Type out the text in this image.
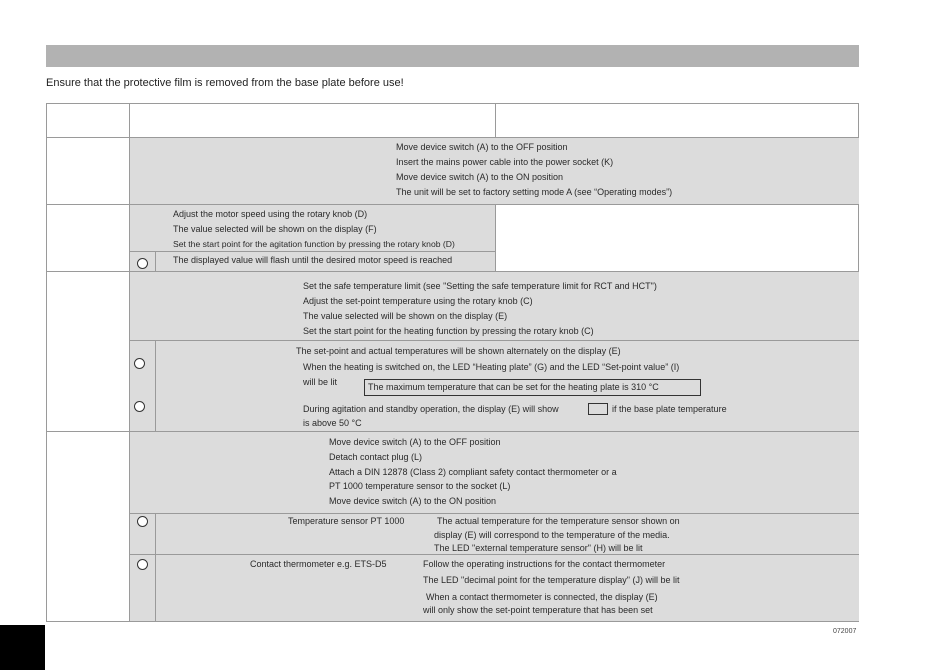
Ensure that the protective film is removed from the base plate before use!
Move device switch (A) to the OFF position
Insert the mains power cable into the power socket (K)
Move device switch (A) to the ON position
The unit will be set to factory setting mode A (see “Operating modes”)
Adjust the motor speed using the rotary knob (D)
The value selected will be shown on the display (F)
Set the start point for the agitation function by pressing the rotary knob (D)
The displayed value will flash until the desired motor speed is reached
Set the safe temperature limit (see "Setting the safe temperature limit for RCT and HCT")
Adjust the set-point temperature using the rotary knob (C)
The value selected will be shown on the display (E)
Set the start point for the heating function by pressing the rotary knob (C)
The set-point and actual temperatures will be shown alternately on the display (E)
When the heating is switched on, the LED “Heating plate” (G) and the LED “Set-point value” (I)
will be lit	The maximum temperature that can be set for the heating plate is 310 °C
During agitation and standby operation, the display (E) will show	if the base plate temperature
is above 50 °C
Move device switch (A) to the OFF position
Detach contact plug (L)
Attach a DIN 12878 (Class 2) compliant safety contact thermometer or a
PT 1000 temperature sensor to the socket (L)
Move device switch (A) to the ON position
Temperature sensor PT 1000	The actual temperature for the temperature sensor shown on
display (E) will correspond to the temperature of the media.
The LED "external temperature sensor" (H) will be lit
Contact thermometer e.g. ETS-D5	Follow the operating instructions for the contact thermometer
The LED "decimal point for the temperature display" (J) will be lit
When a contact thermometer is connected, the display (E)
will only show the set-point temperature that has been set
072007
